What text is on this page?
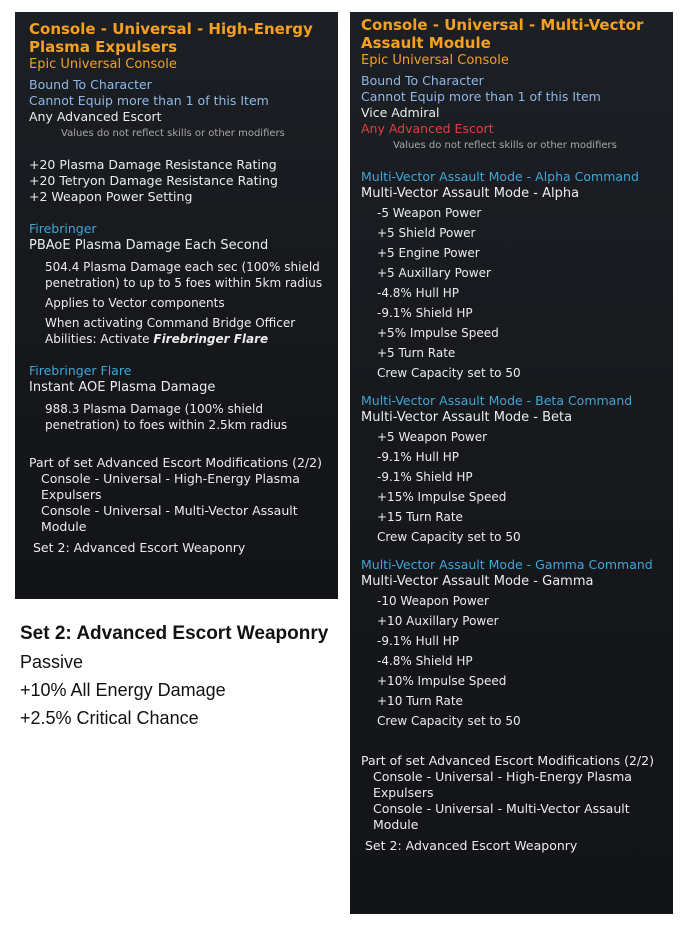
Console - Universal - High-Energy Plasma Expulsers
Epic Universal Console
Bound To Character
Cannot Equip more than 1 of this Item
Any Advanced Escort
Values do not reflect skills or other modifiers
+20 Plasma Damage Resistance Rating
+20 Tetryon Damage Resistance Rating
+2 Weapon Power Setting
Firebringer
PBAoE Plasma Damage Each Second
504.4 Plasma Damage each sec (100% shield penetration) to up to 5 foes within 5km radius
Applies to Vector components
When activating Command Bridge Officer Abilities: Activate Firebringer Flare
Firebringer Flare
Instant AOE Plasma Damage
988.3 Plasma Damage (100% shield penetration) to foes within 2.5km radius
Part of set Advanced Escort Modifications (2/2)
Console - Universal - High-Energy Plasma Expulsers
Console - Universal - Multi-Vector Assault Module
Set 2: Advanced Escort Weaponry
Set 2: Advanced Escort Weaponry
Passive
+10% All Energy Damage
+2.5% Critical Chance
Console - Universal - Multi-Vector Assault Module
Epic Universal Console
Bound To Character
Cannot Equip more than 1 of this Item
Vice Admiral
Any Advanced Escort
Values do not reflect skills or other modifiers
Multi-Vector Assault Mode - Alpha Command
Multi-Vector Assault Mode - Alpha
-5 Weapon Power
+5 Shield Power
+5 Engine Power
+5 Auxillary Power
-4.8% Hull HP
-9.1% Shield HP
+5% Impulse Speed
+5 Turn Rate
Crew Capacity set to 50
Multi-Vector Assault Mode - Beta Command
Multi-Vector Assault Mode - Beta
+5 Weapon Power
-9.1% Hull HP
-9.1% Shield HP
+15% Impulse Speed
+15 Turn Rate
Crew Capacity set to 50
Multi-Vector Assault Mode - Gamma Command
Multi-Vector Assault Mode - Gamma
-10 Weapon Power
+10 Auxillary Power
-9.1% Hull HP
-4.8% Shield HP
+10% Impulse Speed
+10 Turn Rate
Crew Capacity set to 50
Part of set Advanced Escort Modifications (2/2)
Console - Universal - High-Energy Plasma Expulsers
Console - Universal - Multi-Vector Assault Module
Set 2: Advanced Escort Weaponry
